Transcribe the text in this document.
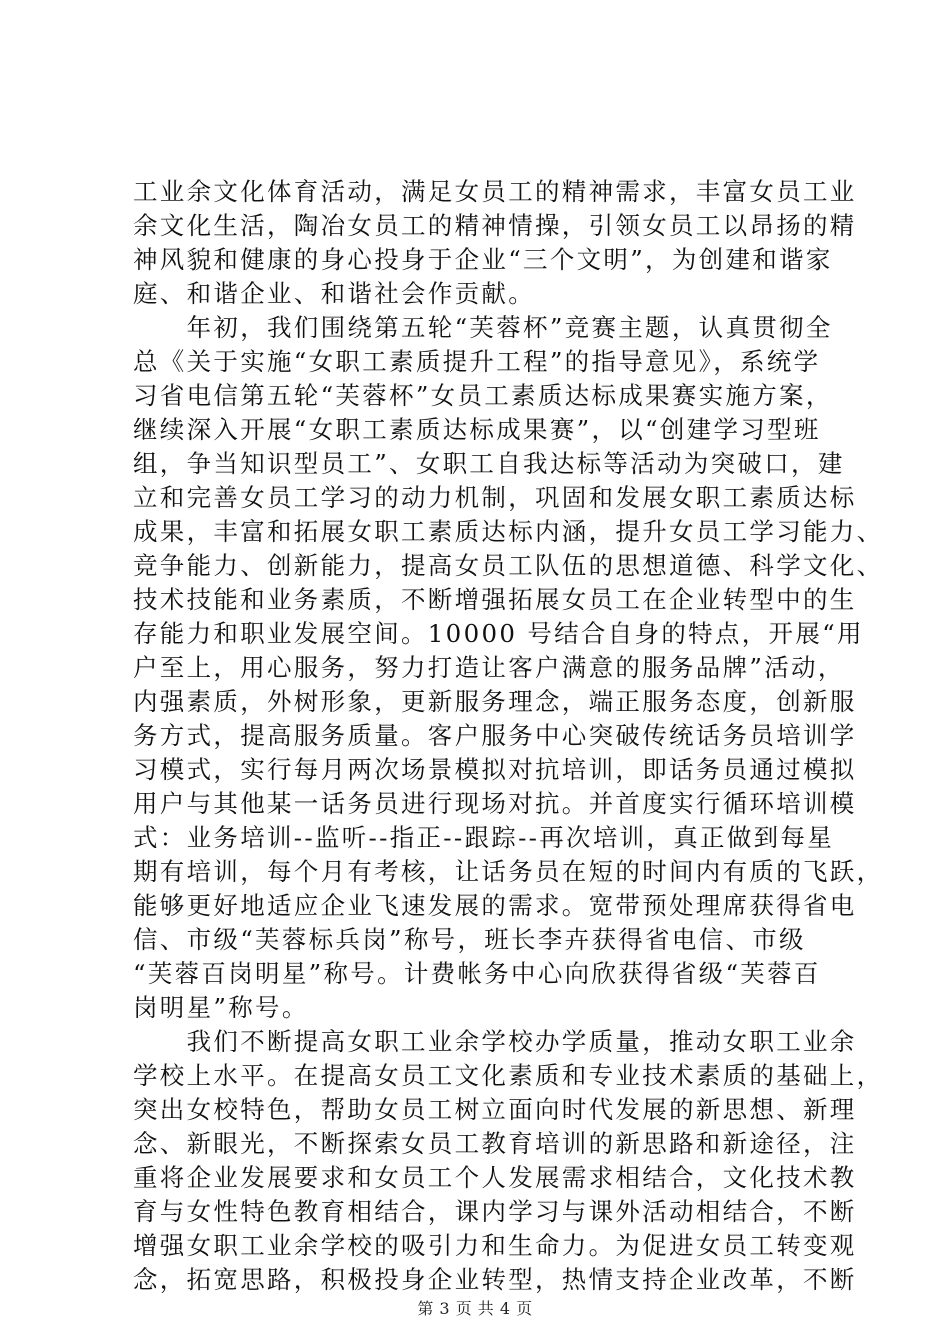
工业余文化体育活动，满足女员工的精神需求，丰富女员工业
余文化生活，陶冶女员工的精神情操，引领女员工以昂扬的精
神风貌和健康的身心投身于企业“三个文明”，为创建和谐家
庭、和谐企业、和谐社会作贡献。
　　年初，我们围绕第五轮“芙蓉杯”竞赛主题，认真贯彻全
总《关于实施“女职工素质提升工程”的指导意见》，系统学
习省电信第五轮“芙蓉杯”女员工素质达标成果赛实施方案，
继续深入开展“女职工素质达标成果赛”，以“创建学习型班
组，争当知识型员工”、女职工自我达标等活动为突破口，建
立和完善女员工学习的动力机制，巩固和发展女职工素质达标
成果，丰富和拓展女职工素质达标内涵，提升女员工学习能力、
竞争能力、创新能力，提高女员工队伍的思想道德、科学文化、
技术技能和业务素质，不断增强拓展女员工在企业转型中的生
存能力和职业发展空间。10000 号结合自身的特点，开展“用
户至上，用心服务，努力打造让客户满意的服务品牌”活动，
内强素质，外树形象，更新服务理念，端正服务态度，创新服
务方式，提高服务质量。客户服务中心突破传统话务员培训学
习模式，实行每月两次场景模拟对抗培训，即话务员通过模拟
用户与其他某一话务员进行现场对抗。并首度实行循环培训模
式：业务培训--监听--指正--跟踪--再次培训，真正做到每星
期有培训，每个月有考核，让话务员在短的时间内有质的飞跃，
能够更好地适应企业飞速发展的需求。宽带预处理席获得省电
信、市级“芙蓉标兵岗”称号，班长李卉获得省电信、市级
“芙蓉百岗明星”称号。计费帐务中心向欣获得省级“芙蓉百
岗明星”称号。
　　我们不断提高女职工业余学校办学质量，推动女职工业余
学校上水平。在提高女员工文化素质和专业技术素质的基础上，
突出女校特色，帮助女员工树立面向时代发展的新思想、新理
念、新眼光，不断探索女员工教育培训的新思路和新途径，注
重将企业发展要求和女员工个人发展需求相结合，文化技术教
育与女性特色教育相结合，课内学习与课外活动相结合，不断
增强女职工业余学校的吸引力和生命力。为促进女员工转变观
念，拓宽思路，积极投身企业转型，热情支持企业改革，不断
第 3 页 共 4 页
